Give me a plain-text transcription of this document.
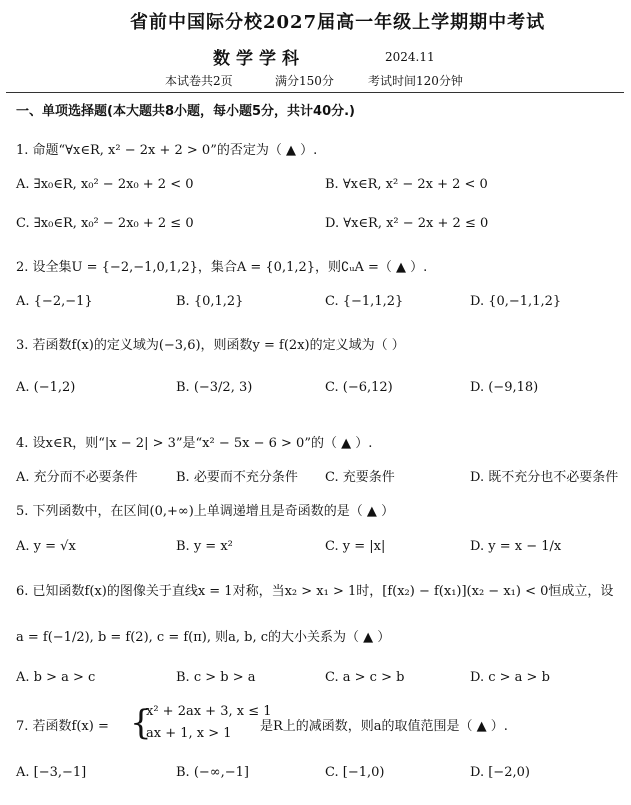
省前中国际分校2027届高一年级上学期期中考试
数学学科	2024.11
本试卷共2页	满分150分	考试时间120分钟
一、单项选择题(本大题共8小题，每小题5分，共计40分.)
1. 命题“∀x∈R, x² − 2x + 2 > 0”的否定为（ ▲ ）.
A. ∃x₀∈R, x₀² − 2x₀ + 2 < 0	B. ∀x∈R, x² − 2x + 2 < 0
C. ∃x₀∈R, x₀² − 2x₀ + 2 ≤ 0	D. ∀x∈R, x² − 2x + 2 ≤ 0
2. 设全集U = {−2,−1,0,1,2}，集合A = {0,1,2}，则∁ᵤA =（ ▲ ）.
A. {−2,−1}	B. {0,1,2}	C. {−1,1,2}	D. {0,−1,1,2}
3. 若函数f(x)的定义域为(−3,6)，则函数y = f(2x)的定义域为（ ）
A. (−1,2)	B. (−3/2, 3)	C. (−6,12)	D. (−9,18)
4. 设x∈R，则“|x − 2| > 3”是“x² − 5x − 6 > 0”的（ ▲ ）.
A. 充分而不必要条件	B. 必要而不充分条件 C. 充要条件	D. 既不充分也不必要条件
5. 下列函数中，在区间(0,+∞)上单调递增且是奇函数的是（ ▲ ）
A. y = √x	B. y = x²	C. y = |x|	D. y = x − 1/x
6. 已知函数f(x)的图像关于直线x = 1对称，当x₂ > x₁ > 1时，[f(x₂) − f(x₁)](x₂ − x₁) < 0恒成立，设
a = f(−1/2), b = f(2), c = f(π), 则a, b, c的大小关系为（ ▲ ）
A. b > a > c	B. c > b > a	C. a > c > b	D. c > a > b
7. 若函数f(x) = {
x² + 2ax + 3, x ≤ 1
ax + 1, x > 1 是R上的减函数，则a的取值范围是（ ▲ ）.
A. [−3,−1]	B. (−∞,−1]	C. [−1,0)	D. [−2,0)
